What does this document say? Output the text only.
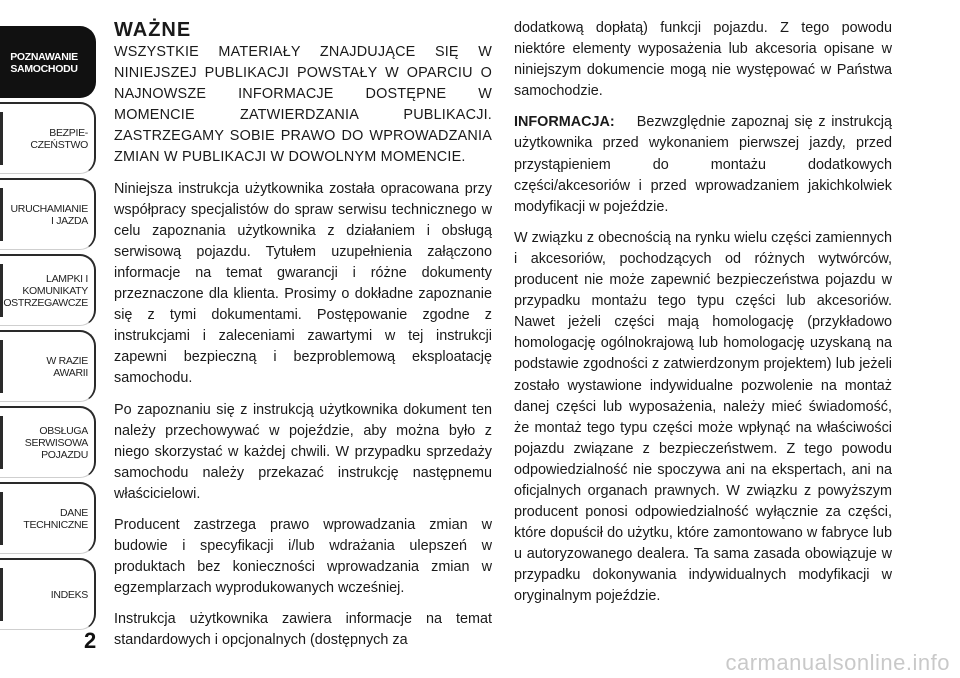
POZNAWANIE
SAMOCHODU
BEZPIE-
CZEŃSTWO
URUCHAMIANIE
I JAZDA
LAMPKI I
KOMUNIKATY
OSTRZEGAWCZE
W RAZIE
AWARII
OBSŁUGA
SERWISOWA
POJAZDU
DANE
TECHNICZNE
INDEKS
2
WAŻNE

WSZYSTKIE MATERIAŁY ZNAJDUJĄCE SIĘ W NINIEJSZEJ PUBLIKACJI POWSTAŁY W OPARCIU O NAJNOWSZE INFORMACJE DOSTĘPNE W MOMENCIE ZATWIERDZANIA PUBLIKACJI. ZASTRZEGAMY SOBIE PRAWO DO WPROWADZANIA ZMIAN W PUBLIKACJI W DOWOLNYM MOMENCIE.

Niniejsza instrukcja użytkownika została opracowana przy współpracy specjalistów do spraw serwisu technicznego w celu zapoznania użytkownika z działaniem i obsługą serwisową pojazdu. Tytułem uzupełnienia załączono informacje na temat gwarancji i różne dokumenty przeznaczone dla klienta. Prosimy o dokładne zapoznanie się z tymi dokumentami. Postępowanie zgodne z instrukcjami i zaleceniami zawartymi w tej instrukcji zapewni bezpieczną i bezproblemową eksploatację samochodu.

Po zapoznaniu się z instrukcją użytkownika dokument ten należy przechowywać w pojeździe, aby można było z niego skorzystać w każdej chwili. W przypadku sprzedaży samochodu należy przekazać instrukcję następnemu właścicielowi.

Producent zastrzega prawo wprowadzania zmian w budowie i specyfikacji i/lub wdrażania ulepszeń w produktach bez konieczności wprowadzania zmian w egzemplarzach wyprodukowanych wcześniej.

Instrukcja użytkownika zawiera informacje na temat standardowych i opcjonalnych (dostępnych za

dodatkową dopłatą) funkcji pojazdu. Z tego powodu niektóre elementy wyposażenia lub akcesoria opisane w niniejszym dokumencie mogą nie występować w Państwa samochodzie.

INFORMACJA: Bezwzględnie zapoznaj się z instrukcją użytkownika przed wykonaniem pierwszej jazdy, przed przystąpieniem do montażu dodatkowych części/akcesoriów i przed wprowadzaniem jakichkolwiek modyfikacji w pojeździe.

W związku z obecnością na rynku wielu części zamiennych i akcesoriów, pochodzących od różnych wytwórców, producent nie może zapewnić bezpieczeństwa pojazdu w przypadku montażu tego typu części lub akcesoriów. Nawet jeżeli części mają homologację (przykładowo homologację ogólnokrajową lub homologację uzyskaną na podstawie zgodności z zatwierdzonym projektem) lub jeżeli zostało wystawione indywidualne pozwolenie na montaż danej części lub wyposażenia, należy mieć świadomość, że montaż tego typu części może wpłynąć na właściwości pojazdu związane z bezpieczeństwem. Z tego powodu odpowiedzialność nie spoczywa ani na ekspertach, ani na oficjalnych organach prawnych. W związku z powyższym producent ponosi odpowiedzialność wyłącznie za części, które dopuścił do użytku, które zamontowano w fabryce lub u autoryzowanego dealera. Ta sama zasada obowiązuje w przypadku dokonywania indywidualnych modyfikacji w oryginalnym pojeździe.

carmanualsonline.info
